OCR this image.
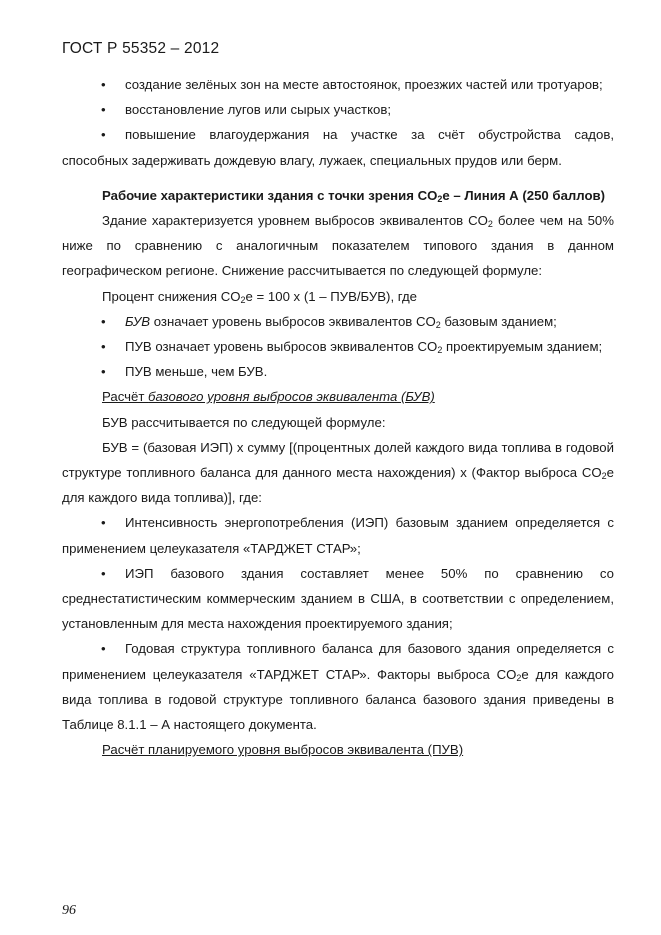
ГОСТ Р 55352 – 2012

• создание зелёных зон на месте автостоянок, проезжих частей или тротуаров;

• восстановление лугов или сырых участков;

• повышение влагоудержания на участке за счёт обустройства садов, способных задерживать дождевую влагу, лужаек, специальных прудов или берм.

Рабочие характеристики здания с точки зрения $CO_2e$ – Линия А (250 баллов)

Здание характеризуется уровнем выбросов эквивалентов $CO_2$ более чем на 50% ниже по сравнению с аналогичным показателем типового здания в данном географическом регионе. Снижение рассчитывается по следующей формуле:

Процент снижения $CO_2e = 100$ x (1 – ПУВ/БУВ), где

• БУВ означает уровень выбросов эквивалентов $CO_2$ базовым зданием;

• ПУВ означает уровень выбросов эквивалентов $CO_2$ проектируемым зданием;

• ПУВ меньше, чем БУВ.

Расчёт базового уровня выбросов эквивалента (БУВ)

БУВ рассчитывается по следующей формуле:

БУВ = (базовая ИЭП) x сумму [(процентных долей каждого вида топлива в годовой структуре топливного баланса для данного места нахождения) x (Фактор выброса $CO_2e$ для каждого вида топлива)], где:

• Интенсивность энергопотребления (ИЭП) базовым зданием определяется с применением целеуказателя «ТАРДЖЕТ СТАР»;

• ИЭП базового здания составляет менее 50% по сравнению со среднестатистическим коммерческим зданием в США, в соответствии с определением, установленным для места нахождения проектируемого здания;

• Годовая структура топливного баланса для базового здания определяется с применением целеуказателя «ТАРДЖЕТ СТАР». Факторы выброса $CO_2e$ для каждого вида топлива в годовой структуре топливного баланса базового здания приведены в Таблице 8.1.1 – А настоящего документа.

Расчёт планируемого уровня выбросов эквивалента (ПУВ)

96
